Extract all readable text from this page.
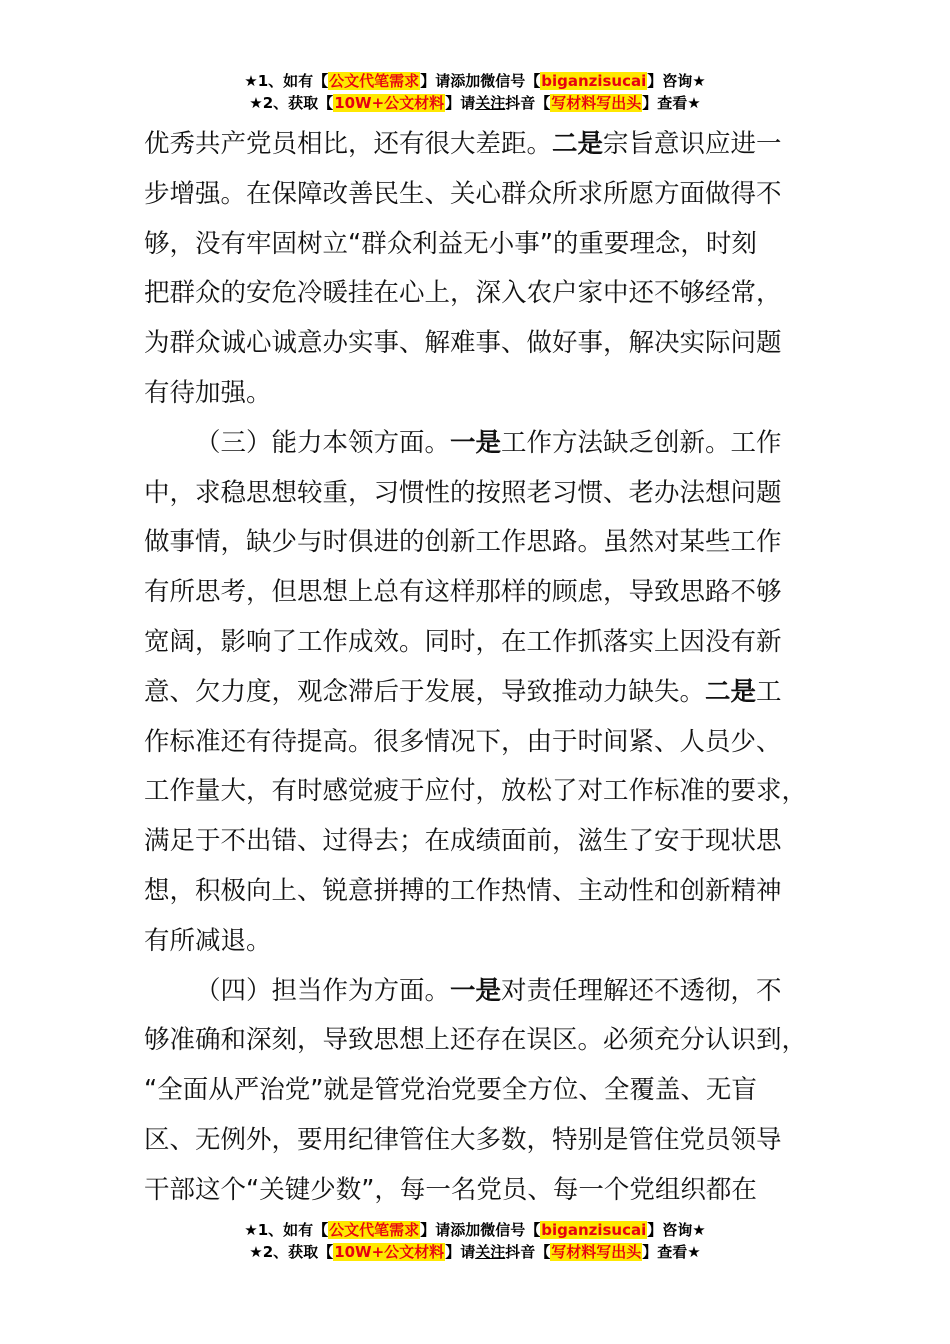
★1、如有【公文代笔需求】请添加微信号【biganzisucai】咨询★
★2、获取【10W+公文材料】请关注抖音【写材料写出头】查看★
优秀共产党员相比，还有很大差距。二是宗旨意识应进一
步增强。在保障改善民生、关心群众所求所愿方面做得不
够，没有牢固树立“群众利益无小事”的重要理念，时刻
把群众的安危冷暖挂在心上，深入农户家中还不够经常，
为群众诚心诚意办实事、解难事、做好事，解决实际问题
有待加强。
（三）能力本领方面。一是工作方法缺乏创新。工作
中，求稳思想较重，习惯性的按照老习惯、老办法想问题
做事情，缺少与时俱进的创新工作思路。虽然对某些工作
有所思考，但思想上总有这样那样的顾虑，导致思路不够
宽阔，影响了工作成效。同时，在工作抓落实上因没有新
意、欠力度，观念滞后于发展，导致推动力缺失。二是工
作标准还有待提高。很多情况下，由于时间紧、人员少、
工作量大，有时感觉疲于应付，放松了对工作标准的要求，
满足于不出错、过得去；在成绩面前，滋生了安于现状思
想，积极向上、锐意拼搏的工作热情、主动性和创新精神
有所减退。
（四）担当作为方面。一是对责任理解还不透彻，不
够准确和深刻，导致思想上还存在误区。必须充分认识到，
“全面从严治党”就是管党治党要全方位、全覆盖、无盲
区、无例外，要用纪律管住大多数，特别是管住党员领导
干部这个“关键少数”，每一名党员、每一个党组织都在
★1、如有【公文代笔需求】请添加微信号【biganzisucai】咨询★
★2、获取【10W+公文材料】请关注抖音【写材料写出头】查看★
